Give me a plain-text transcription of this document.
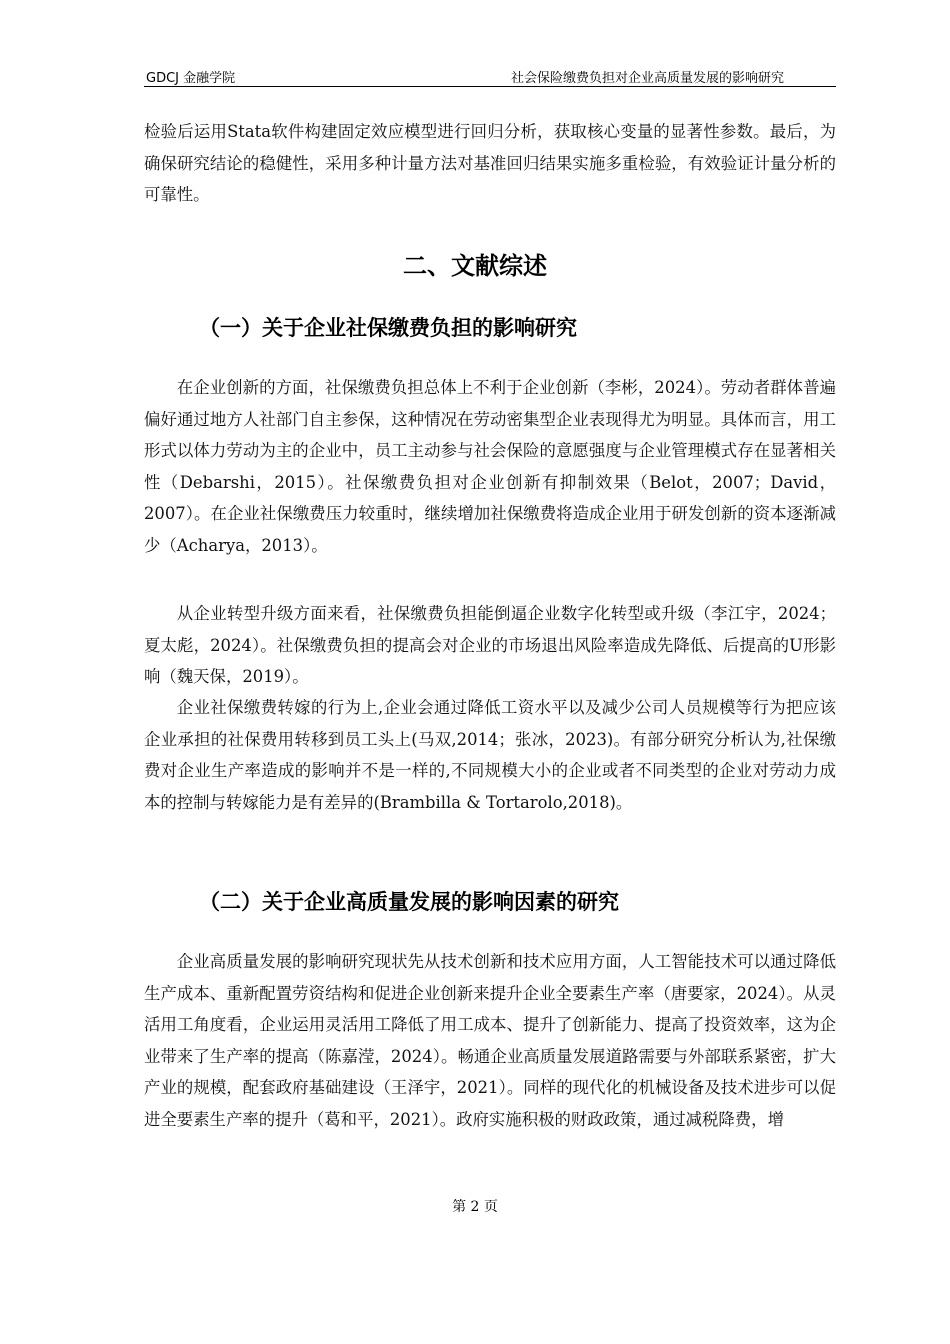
GDCJ 金融学院	社会保险缴费负担对企业高质量发展的影响研究

检验后运用Stata软件构建固定效应模型进行回归分析，获取核心变量的显著性参数。最后，为确保研究结论的稳健性，采用多种计量方法对基准回归结果实施多重检验，有效验证计量分析的可靠性。

二、文献综述
（一）关于企业社保缴费负担的影响研究

在企业创新的方面，社保缴费负担总体上不利于企业创新（李彬，2024）。劳动者群体普遍偏好通过地方人社部门自主参保，这种情况在劳动密集型企业表现得尤为明显。具体而言，用工形式以体力劳动为主的企业中，员工主动参与社会保险的意愿强度与企业管理模式存在显著相关性（Debarshi，2015）。社保缴费负担对企业创新有抑制效果（Belot，2007；David，2007）。在企业社保缴费压力较重时，继续增加社保缴费将造成企业用于研发创新的资本逐渐减少（Acharya，2013）。

从企业转型升级方面来看，社保缴费负担能倒逼企业数字化转型或升级（李江宇，2024；夏太彪，2024）。社保缴费负担的提高会对企业的市场退出风险率造成先降低、后提高的U形影响（魏天保，2019）。

企业社保缴费转嫁的行为上,企业会通过降低工资水平以及减少公司人员规模等行为把应该企业承担的社保费用转移到员工头上(马双,2014；张冰，2023)。有部分研究分析认为,社保缴费对企业生产率造成的影响并不是一样的,不同规模大小的企业或者不同类型的企业对劳动力成本的控制与转嫁能力是有差异的(Brambilla & Tortarolo,2018)。

（二）关于企业高质量发展的影响因素的研究

企业高质量发展的影响研究现状先从技术创新和技术应用方面，人工智能技术可以通过降低生产成本、重新配置劳资结构和促进企业创新来提升企业全要素生产率（唐要家，2024）。从灵活用工角度看，企业运用灵活用工降低了用工成本、提升了创新能力、提高了投资效率，这为企业带来了生产率的提高（陈嘉滢，2024）。畅通企业高质量发展道路需要与外部联系紧密，扩大产业的规模，配套政府基础建设（王泽宇，2021）。同样的现代化的机械设备及技术进步可以促进全要素生产率的提升（葛和平，2021）。政府实施积极的财政政策，通过减税降费，增

第 2 页
